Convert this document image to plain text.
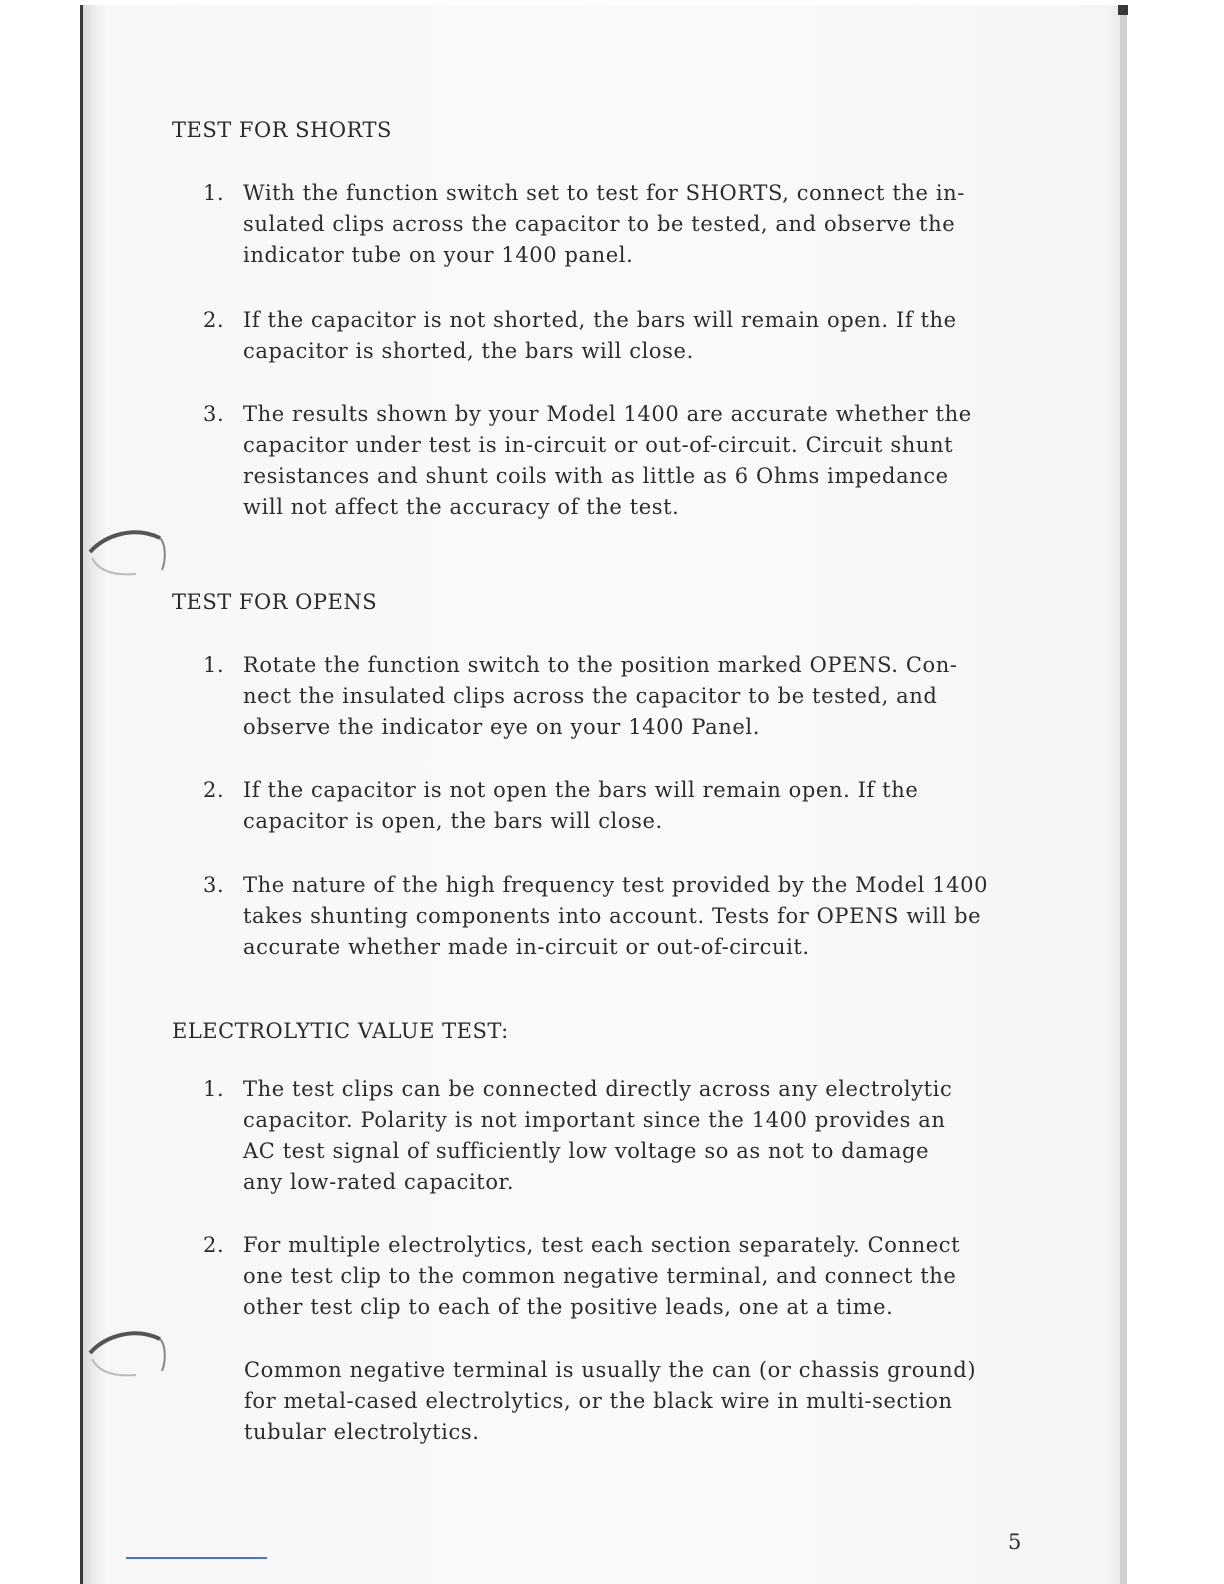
TEST FOR SHORTS
1. With the function switch set to test for SHORTS, connect the in-
sulated clips across the capacitor to be tested, and observe the
indicator tube on your 1400 panel.
2. If the capacitor is not shorted, the bars will remain open. If the
capacitor is shorted, the bars will close.
3. The results shown by your Model 1400 are accurate whether the
capacitor under test is in-circuit or out-of-circuit. Circuit shunt
resistances and shunt coils with as little as 6 Ohms impedance
will not affect the accuracy of the test.
TEST FOR OPENS
1. Rotate the function switch to the position marked OPENS. Con-
nect the insulated clips across the capacitor to be tested, and
observe the indicator eye on your 1400 Panel.
2. If the capacitor is not open the bars will remain open. If the
capacitor is open, the bars will close.
3. The nature of the high frequency test provided by the Model 1400
takes shunting components into account. Tests for OPENS will be
accurate whether made in-circuit or out-of-circuit.
ELECTROLYTIC VALUE TEST:
1. The test clips can be connected directly across any electrolytic
capacitor. Polarity is not important since the 1400 provides an
AC test signal of sufficiently low voltage so as not to damage
any low-rated capacitor.
2. For multiple electrolytics, test each section separately. Connect
one test clip to the common negative terminal, and connect the
other test clip to each of the positive leads, one at a time.
Common negative terminal is usually the can (or chassis ground)
for metal-cased electrolytics, or the black wire in multi-section
tubular electrolytics.
5
